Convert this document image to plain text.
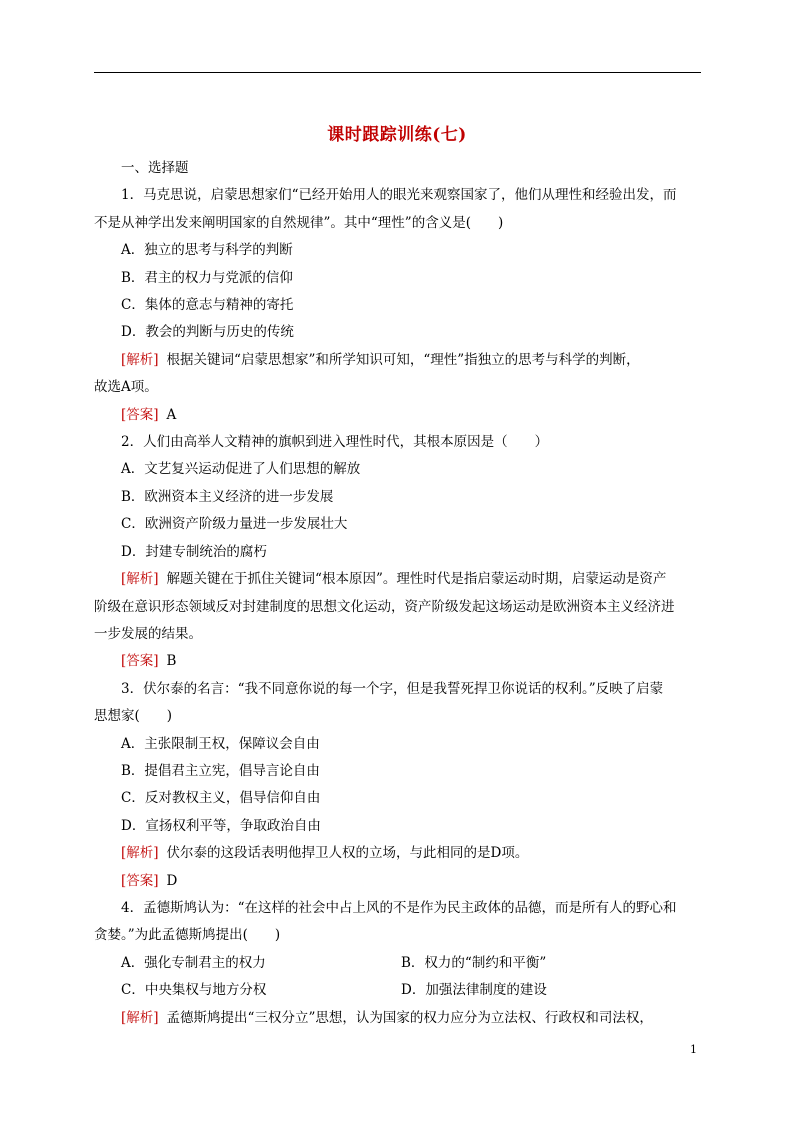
课时跟踪训练(七)
一、选择题
1．马克思说，启蒙思想家们“已经开始用人的眼光来观察国家了，他们从理性和经验出发，而
不是从神学出发来阐明国家的自然规律”。其中“理性”的含义是(　　)
A．独立的思考与科学的判断
B．君主的权力与党派的信仰
C．集体的意志与精神的寄托
D．教会的判断与历史的传统
[解析] 根据关键词“启蒙思想家”和所学知识可知，“理性”指独立的思考与科学的判断，
故选A项。
[答案] A
2．人们由高举人文精神的旗帜到进入理性时代，其根本原因是（　　）
A．文艺复兴运动促进了人们思想的解放
B．欧洲资本主义经济的进一步发展
C．欧洲资产阶级力量进一步发展壮大
D．封建专制统治的腐朽
[解析] 解题关键在于抓住关键词“根本原因”。理性时代是指启蒙运动时期，启蒙运动是资产
阶级在意识形态领域反对封建制度的思想文化运动，资产阶级发起这场运动是欧洲资本主义经济进
一步发展的结果。
[答案] B
3．伏尔泰的名言：“我不同意你说的每一个字，但是我誓死捍卫你说话的权利。”反映了启蒙
思想家(　　)
A．主张限制王权，保障议会自由
B．提倡君主立宪，倡导言论自由
C．反对教权主义，倡导信仰自由
D．宣扬权利平等，争取政治自由
[解析] 伏尔泰的这段话表明他捍卫人权的立场，与此相同的是D项。
[答案] D
4．孟德斯鸠认为：“在这样的社会中占上风的不是作为民主政体的品德，而是所有人的野心和
贪婪。”为此孟德斯鸠提出(　　)
A．强化专制君主的权力	B．权力的“制约和平衡”
C．中央集权与地方分权	D．加强法律制度的建设
[解析] 孟德斯鸠提出“三权分立”思想，认为国家的权力应分为立法权、行政权和司法权，
1
